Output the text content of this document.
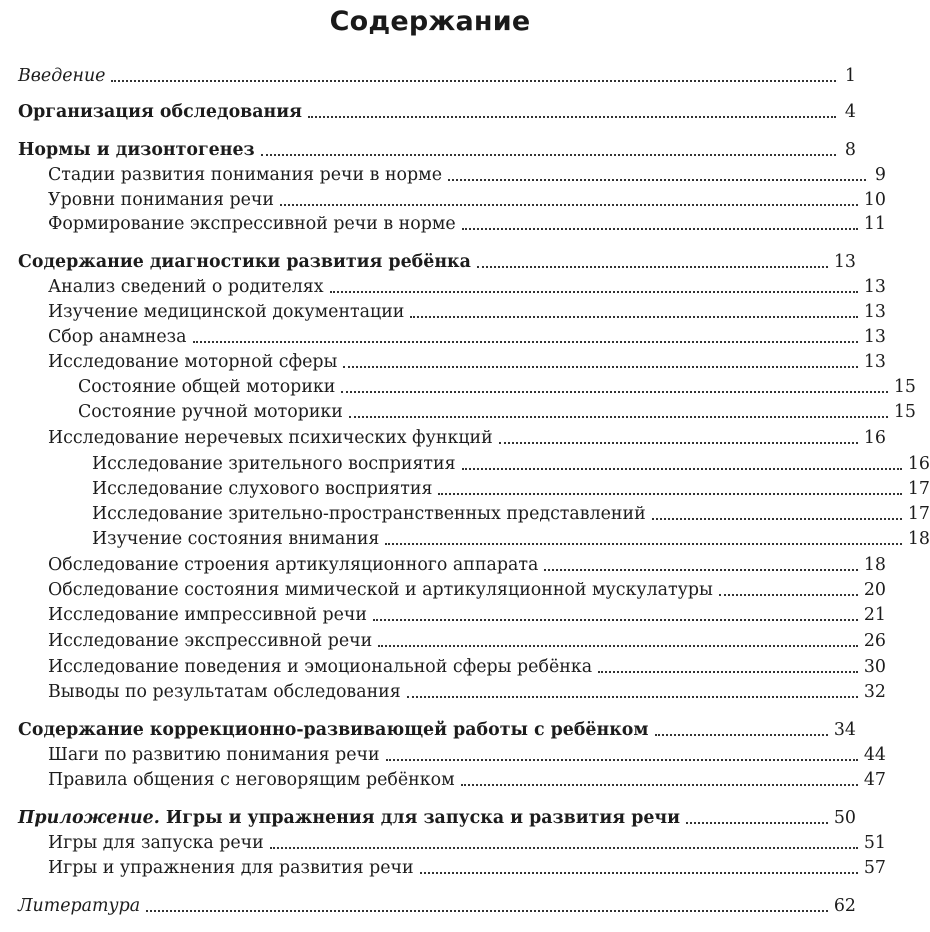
Содержание
Введение	1
Организация обследования	4
Нормы и дизонтогенез	8
Стадии развития понимания речи в норме	9
Уровни понимания речи	10
Формирование экспрессивной речи в норме	11
Содержание диагностики развития ребёнка	13
Анализ сведений о родителях	13
Изучение медицинской документации	13
Сбор анамнеза	13
Исследование моторной сферы	13
Состояние общей моторики	15
Состояние ручной моторики	15
Исследование неречевых психических функций	16
Исследование зрительного восприятия	16
Исследование слухового восприятия	17
Исследование зрительно-пространственных представлений	17
Изучение состояния внимания	18
Обследование строения артикуляционного аппарата	18
Обследование состояния мимической и артикуляционной мускулатуры	20
Исследование импрессивной речи	21
Исследование экспрессивной речи	26
Исследование поведения и эмоциональной сферы ребёнка	30
Выводы по результатам обследования	32
Содержание коррекционно-развивающей работы с ребёнком	34
Шаги по развитию понимания речи	44
Правила общения с неговорящим ребёнком	47
Приложение. Игры и упражнения для запуска и развития речи	50
Игры для запуска речи	51
Игры и упражнения для развития речи	57
Литература	62
